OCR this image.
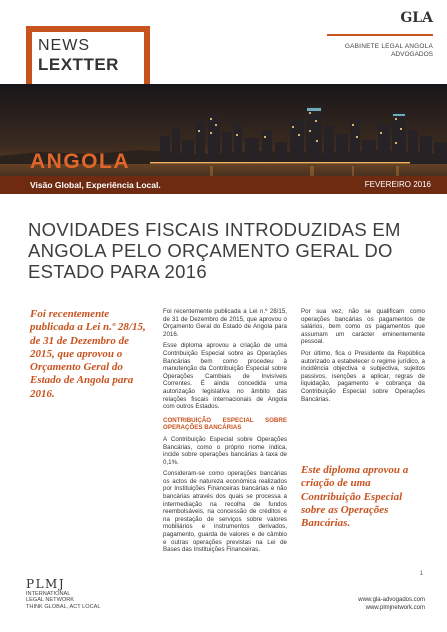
NEWS
LEXTTER
GLA
GABINETE LEGAL ANGOLA
ADVOGADOS
ANGOLA
Visão Global, Experiência Local.	FEVEREIRO 2016
NOVIDADES FISCAIS INTRODUZIDAS EM ANGOLA PELO ORÇAMENTO GERAL DO ESTADO PARA 2016
Foi recentemente publicada a Lei n.º 28/15, de 31 de Dezembro de 2015, que aprovou o Orçamento Geral do Estado de Angola para 2016.

Foi recentemente publicada a Lei n.º 28/15, de 31 de Dezembro de 2015, que aprovou o Orçamento Geral do Estado de Angola para 2016.

Esse diploma aprovou a criação de uma Contribuição Especial sobre as Operações Bancárias bem como procedeu à manutenção da Contribuição Especial sobre Operações Cambiais de Invisíveis Correntes. É ainda concedida uma autorização legislativa no âmbito das relações fiscais internacionais de Angola com outros Estados.

CONTRIBUIÇÃO ESPECIAL SOBRE OPERAÇÕES BANCÁRIAS

A Contribuição Especial sobre Operações Bancárias, como o próprio nome indica, incide sobre operações bancárias à taxa de 0,1%.

Consideram-se como operações bancárias os actos de natureza económica realizados por Instituições Financeiras bancárias e não bancárias através dos quais se processa a intermediação na recolha de fundos reembolsáveis, na concessão de créditos e na prestação de serviços sobre valores mobiliários e instrumentos derivados, pagamento, guarda de valores e de câmbio e outras operações previstas na Lei de Bases das Instituições Financeiras.

Por sua vez, não se qualificam como operações bancárias os pagamentos de salários, bem como os pagamentos que assumam um carácter eminentemente pessoal.

Por último, fica o Presidente da República autorizado a estabelecer o regime jurídico, a incidência objectiva e subjectiva, sujeitos passivos, isenções a aplicar, regras de liquidação, pagamento e cobrança da Contribuição Especial sobre Operações Bancárias.

Este diploma aprovou a criação de uma Contribuição Especial sobre as Operações Bancárias.
1
PLMJ
INTERNATIONAL
LEGAL NETWORK
THINK GLOBAL, ACT LOCAL
www.gla-advogados.com
www.plmjnetwork.com
